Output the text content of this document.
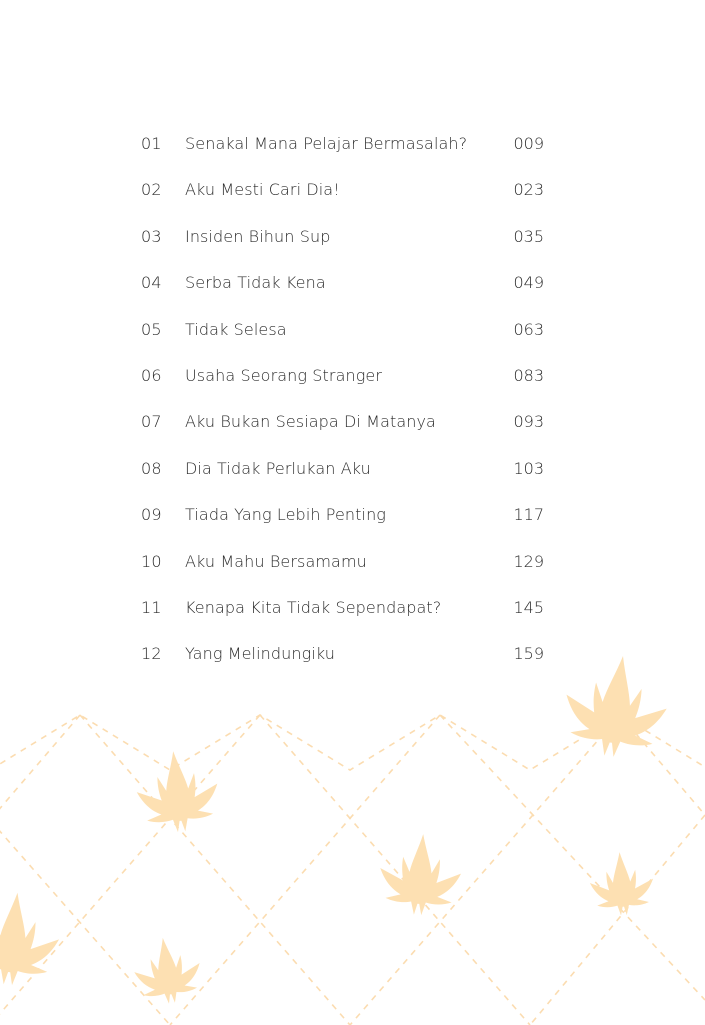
01 Senakal Mana Pelajar Bermasalah?	009
02 Aku Mesti Cari Dia!	023
03 Insiden Bihun Sup	035
04 Serba Tidak Kena	049
05 Tidak Selesa	063
06 Usaha Seorang Stranger	083
07 Aku Bukan Sesiapa Di Matanya	093
08 Dia Tidak Perlukan Aku	103
09 Tiada Yang Lebih Penting	117
10 Aku Mahu Bersamamu	129
11 Kenapa Kita Tidak Sependapat?	145
12 Yang Melindungiku	159
